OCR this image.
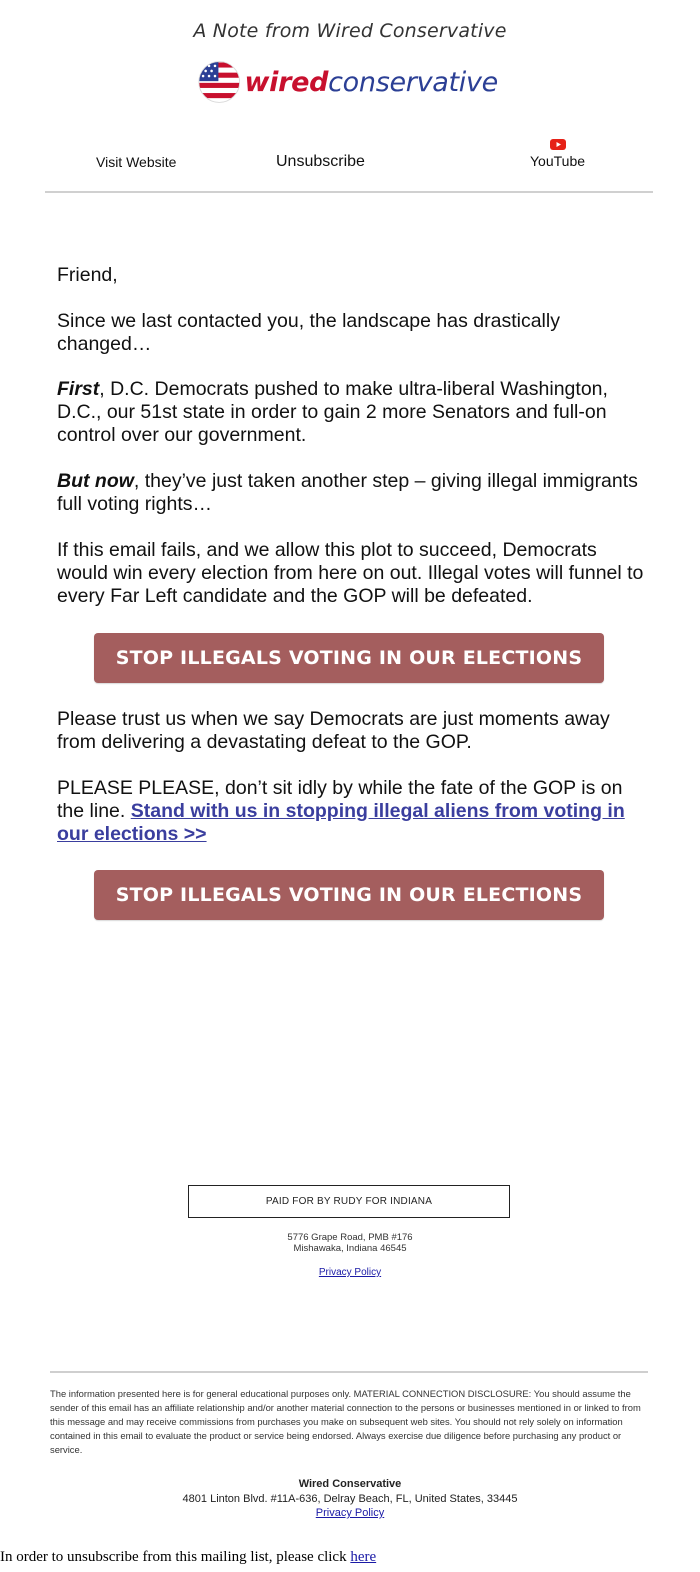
A Note from Wired Conservative
wiredconservative
Visit Website	Unsubscribe	YouTube
Friend,
Since we last contacted you, the landscape has drastically changed…
First, D.C. Democrats pushed to make ultra-liberal Washington, D.C., our 51st state in order to gain 2 more Senators and full-on control over our government.
But now, they’ve just taken another step – giving illegal immigrants full voting rights…
If this email fails, and we allow this plot to succeed, Democrats would win every election from here on out. Illegal votes will funnel to every Far Left candidate and the GOP will be defeated.
STOP ILLEGALS VOTING IN OUR ELECTIONS
Please trust us when we say Democrats are just moments away from delivering a devastating defeat to the GOP.
PLEASE PLEASE, don’t sit idly by while the fate of the GOP is on the line. Stand with us in stopping illegal aliens from voting in our elections >>
STOP ILLEGALS VOTING IN OUR ELECTIONS
PAID FOR BY RUDY FOR INDIANA
5776 Grape Road, PMB #176
Mishawaka, Indiana 46545
Privacy Policy
The information presented here is for general educational purposes only. MATERIAL CONNECTION DISCLOSURE: You should assume the sender of this email has an affiliate relationship and/or another material connection to the persons or businesses mentioned in or linked to from this message and may receive commissions from purchases you make on subsequent web sites. You should not rely solely on information contained in this email to evaluate the product or service being endorsed. Always exercise due diligence before purchasing any product or service.
Wired Conservative
4801 Linton Blvd. #11A-636, Delray Beach, FL, United States, 33445
Privacy Policy
In order to unsubscribe from this mailing list, please click here
